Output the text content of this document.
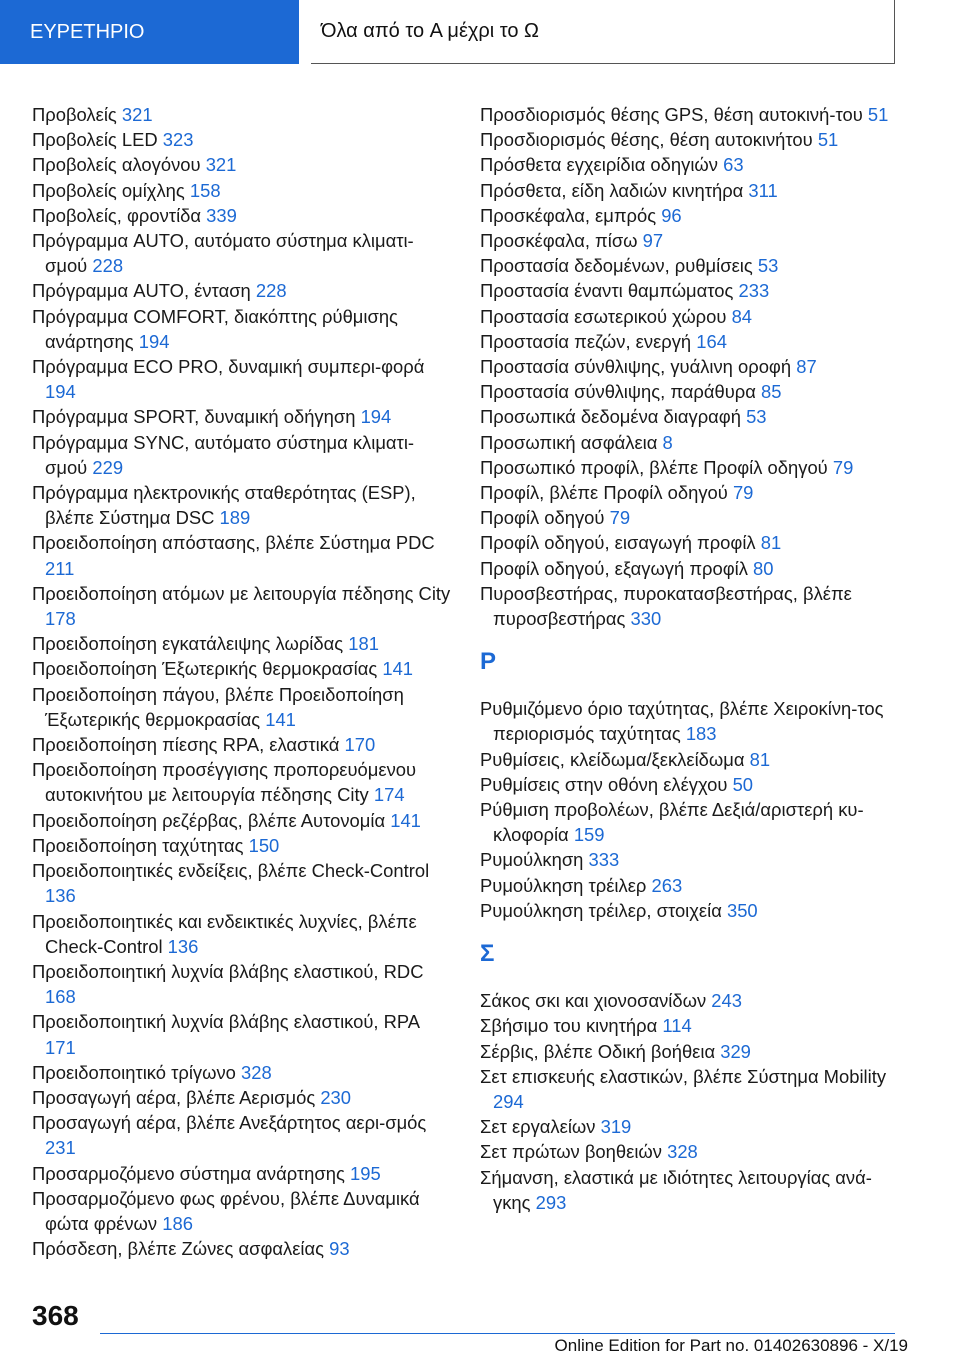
ΕΥΡΕΤΗΡΙΟ	Όλα από το A μέχρι το Ω

Προβολείς 321

Προβολείς LED 323

Προβολείς αλογόνου 321

Προβολείς ομίχλης 158

Προβολείς, φροντίδα 339

Πρόγραμμα AUTO, αυτόματο σύστημα κλιματι‐σμού 228

Πρόγραμμα AUTO, ένταση 228

Πρόγραμμα COMFORT, διακόπτης ρύθμισης ανάρτησης 194

Πρόγραμμα ECO PRO, δυναμική συμπερι‐φορά 194

Πρόγραμμα SPORT, δυναμική οδήγηση 194

Πρόγραμμα SYNC, αυτόματο σύστημα κλιματι‐σμού 229

Πρόγραμμα ηλεκτρονικής σταθερότητας (ESP), βλέπε Σύστημα DSC 189

Προειδοποίηση απόστασης, βλέπε Σύστημα PDC 211

Προειδοποίηση ατόμων με λειτουργία πέδησης City 178

Προειδοποίηση εγκατάλειψης λωρίδας 181

Προειδοποίηση Έξωτερικής θερμοκρασίας 141

Προειδοποίηση πάγου, βλέπε Προειδοποίηση Έξωτερικής θερμοκρασίας 141

Προειδοποίηση πίεσης RPA, ελαστικά 170

Προειδοποίηση προσέγγισης προπορευόμενου αυτοκινήτου με λειτουργία πέδησης City 174

Προειδοποίηση ρεζέρβας, βλέπε Αυτονομία 141

Προειδοποίηση ταχύτητας 150

Προειδοποιητικές ενδείξεις, βλέπε Check-Control 136

Προειδοποιητικές και ενδεικτικές λυχνίες, βλέπε Check-Control 136

Προειδοποιητική λυχνία βλάβης ελαστικού, RDC 168

Προειδοποιητική λυχνία βλάβης ελαστικού, RPA 171

Προειδοποιητικό τρίγωνο 328

Προσαγωγή αέρα, βλέπε Αερισμός 230

Προσαγωγή αέρα, βλέπε Ανεξάρτητος αερι‐σμός 231

Προσαρμοζόμενο σύστημα ανάρτησης 195

Προσαρμοζόμενο φως φρένου, βλέπε Δυναμικά φώτα φρένων 186

Πρόσδεση, βλέπε Ζώνες ασφαλείας 93

Προσδιορισμός θέσης GPS, θέση αυτοκινή‐του 51

Προσδιορισμός θέσης, θέση αυτοκινήτου 51

Πρόσθετα εγχειρίδια οδηγιών 63

Πρόσθετα, είδη λαδιών κινητήρα 311

Προσκέφαλα, εμπρός 96

Προσκέφαλα, πίσω 97

Προστασία δεδομένων, ρυθμίσεις 53

Προστασία έναντι θαμπώματος 233

Προστασία εσωτερικού χώρου 84

Προστασία πεζών, ενεργή 164

Προστασία σύνθλιψης, γυάλινη οροφή 87

Προστασία σύνθλιψης, παράθυρα 85

Προσωπικά δεδομένα διαγραφή 53

Προσωπική ασφάλεια 8

Προσωπικό προφίλ, βλέπε Προφίλ οδηγού 79

Προφίλ, βλέπε Προφίλ οδηγού 79

Προφίλ οδηγού 79

Προφίλ οδηγού, εισαγωγή προφίλ 81

Προφίλ οδηγού, εξαγωγή προφίλ 80

Πυροσβεστήρας, πυροκατασβεστήρας, βλέπε πυροσβεστήρας 330

Ρ

Ρυθμιζόμενο όριο ταχύτητας, βλέπε Χειροκίνη‐τος περιορισμός ταχύτητας 183

Ρυθμίσεις, κλείδωμα/ξεκλείδωμα 81

Ρυθμίσεις στην οθόνη ελέγχου 50

Ρύθμιση προβολέων, βλέπε Δεξιά/αριστερή κυ‐κλοφορία 159

Ρυμούλκηση 333

Ρυμούλκηση τρέιλερ 263

Ρυμούλκηση τρέιλερ, στοιχεία 350

Σ

Σάκος σκι και χιονοσανίδων 243

Σβήσιμο του κινητήρα 114

Σέρβις, βλέπε Οδική βοήθεια 329

Σετ επισκευής ελαστικών, βλέπε Σύστημα Mobility 294

Σετ εργαλείων 319

Σετ πρώτων βοηθειών 328

Σήμανση, ελαστικά με ιδιότητες λειτουργίας ανά‐γκης 293

368
Online Edition for Part no. 01402630896 - X/19
